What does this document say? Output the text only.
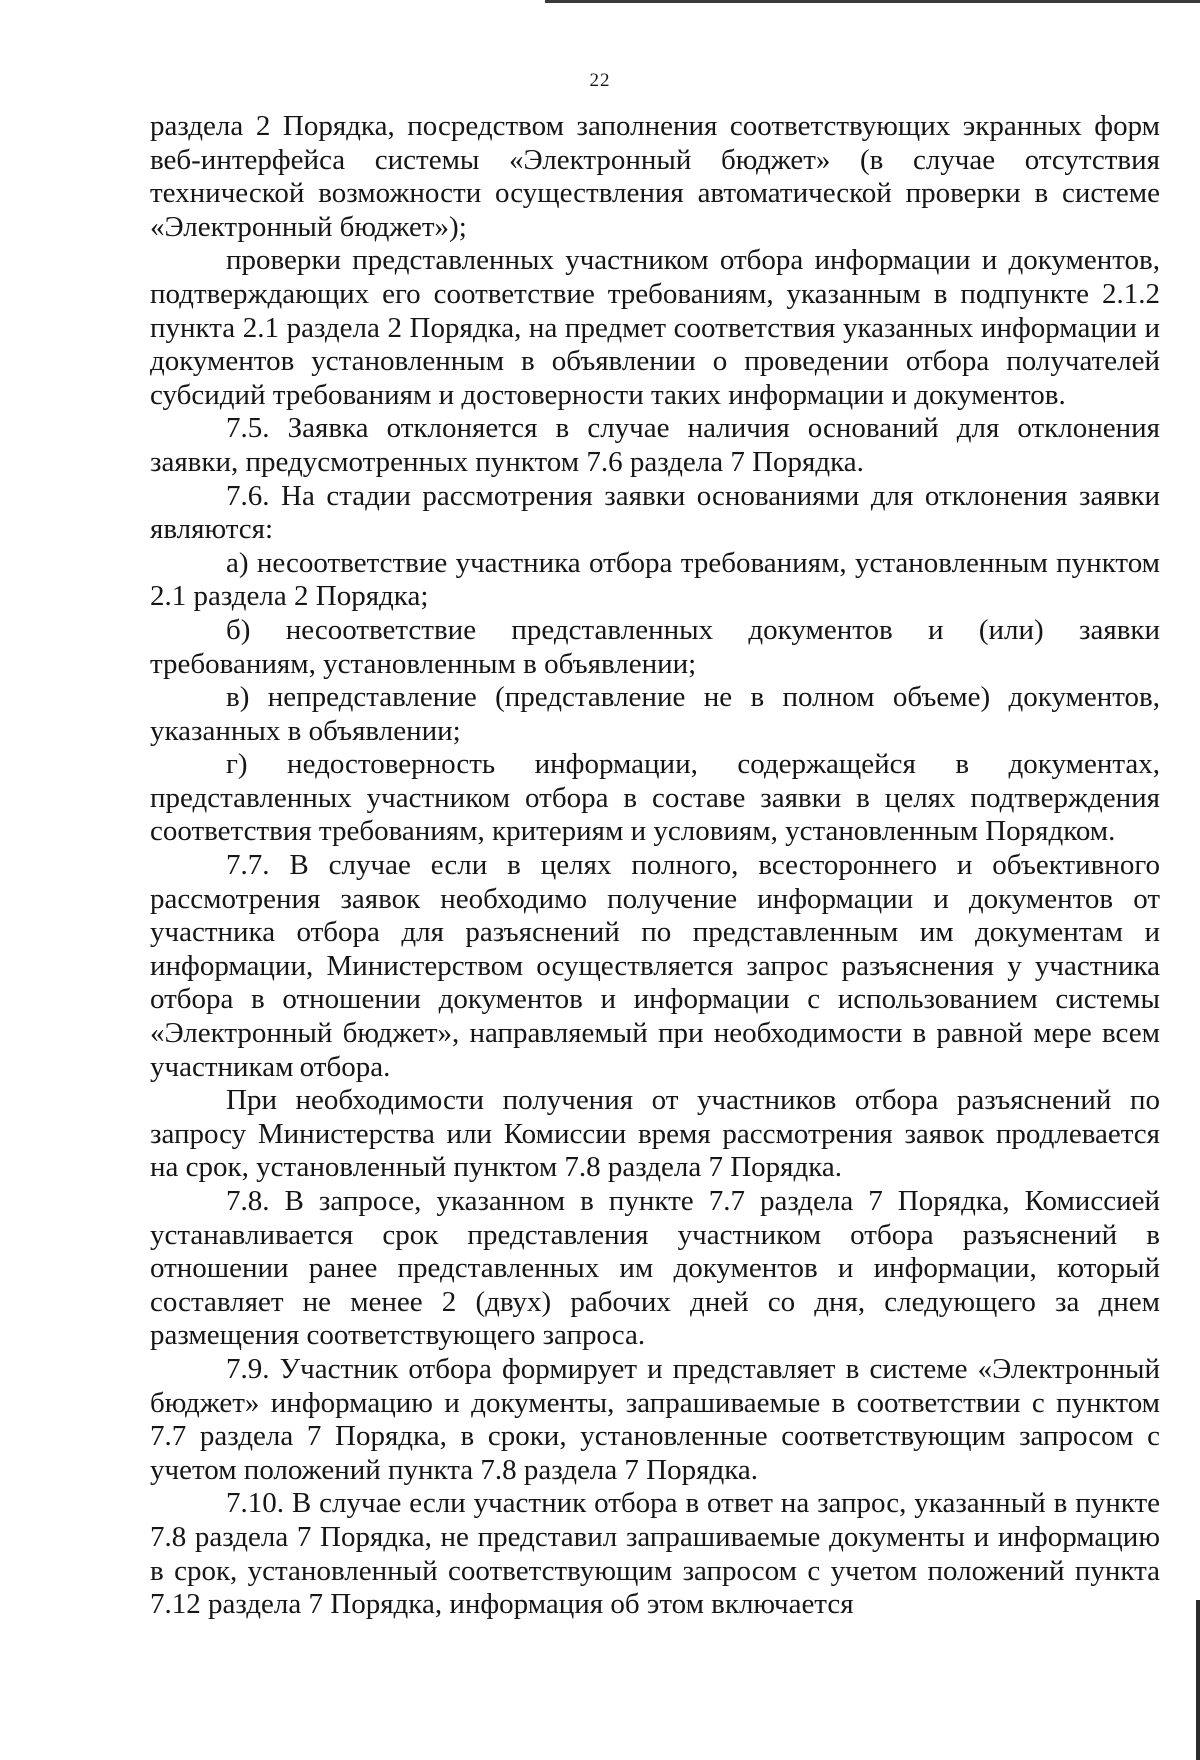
22

раздела 2 Порядка, посредством заполнения соответствующих экранных форм веб-интерфейса системы «Электронный бюджет» (в случае отсутствия технической возможности осуществления автоматической проверки в системе «Электронный бюджет»);

проверки представленных участником отбора информации и документов, подтверждающих его соответствие требованиям, указанным в подпункте 2.1.2 пункта 2.1 раздела 2 Порядка, на предмет соответствия указанных информации и документов установленным в объявлении о проведении отбора получателей субсидий требованиям и достоверности таких информации и документов.

7.5. Заявка отклоняется в случае наличия оснований для отклонения заявки, предусмотренных пунктом 7.6 раздела 7 Порядка.

7.6. На стадии рассмотрения заявки основаниями для отклонения заявки являются:

а) несоответствие участника отбора требованиям, установленным пунктом 2.1 раздела 2 Порядка;

б) несоответствие представленных документов и (или) заявки требованиям, установленным в объявлении;

в) непредставление (представление не в полном объеме) документов, указанных в объявлении;

г) недостоверность информации, содержащейся в документах, представленных участником отбора в составе заявки в целях подтверждения соответствия требованиям, критериям и условиям, установленным Порядком.

7.7. В случае если в целях полного, всестороннего и объективного рассмотрения заявок необходимо получение информации и документов от участника отбора для разъяснений по представленным им документам и информации, Министерством осуществляется запрос разъяснения у участника отбора в отношении документов и информации с использованием системы «Электронный бюджет», направляемый при необходимости в равной мере всем участникам отбора.

При необходимости получения от участников отбора разъяснений по запросу Министерства или Комиссии время рассмотрения заявок продлевается на срок, установленный пунктом 7.8 раздела 7 Порядка.

7.8. В запросе, указанном в пункте 7.7 раздела 7 Порядка, Комиссией устанавливается срок представления участником отбора разъяснений в отношении ранее представленных им документов и информации, который составляет не менее 2 (двух) рабочих дней со дня, следующего за днем размещения соответствующего запроса.

7.9. Участник отбора формирует и представляет в системе «Электронный бюджет» информацию и документы, запрашиваемые в соответствии с пунктом 7.7 раздела 7 Порядка, в сроки, установленные соответствующим запросом с учетом положений пункта 7.8 раздела 7 Порядка.

7.10. В случае если участник отбора в ответ на запрос, указанный в пункте 7.8 раздела 7 Порядка, не представил запрашиваемые документы и информацию в срок, установленный соответствующим запросом с учетом положений пункта 7.12 раздела 7 Порядка, информация об этом включается
